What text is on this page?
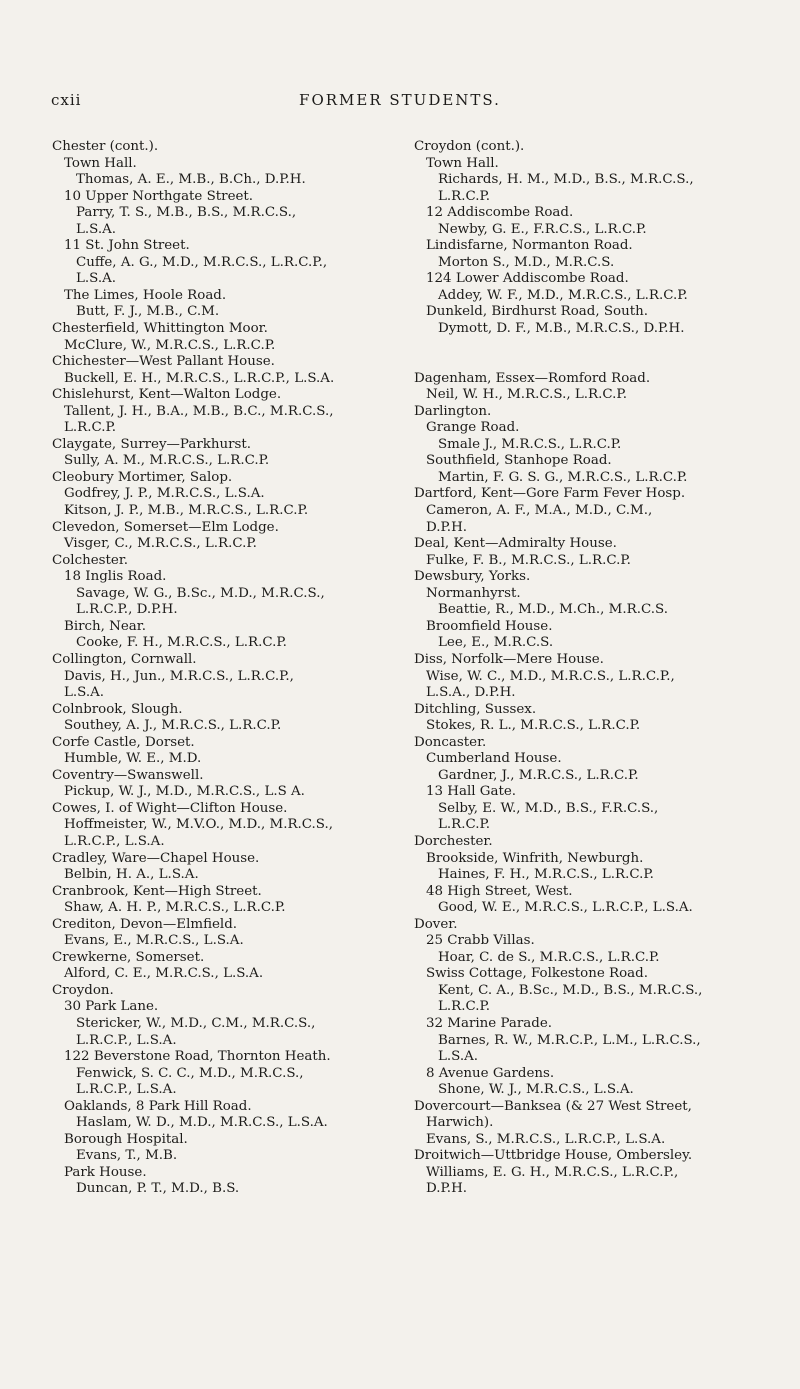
cxii	FORMER STUDENTS.
Chester (cont.).
Town Hall.
Thomas, A. E., M.B., B.Ch., D.P.H.
10 Upper Northgate Street.
Parry, T. S., M.B., B.S., M.R.C.S.,
L.S.A.
11 St. John Street.
Cuffe, A. G., M.D., M.R.C.S., L.R.C.P.,
L.S.A.
The Limes, Hoole Road.
Butt, F. J., M.B., C.M.
Chesterfield, Whittington Moor.
McClure, W., M.R.C.S., L.R.C.P.
Chichester—West Pallant House.
Buckell, E. H., M.R.C.S., L.R.C.P., L.S.A.
Chislehurst, Kent—Walton Lodge.
Tallent, J. H., B.A., M.B., B.C., M.R.C.S.,
L.R.C.P.
Claygate, Surrey—Parkhurst.
Sully, A. M., M.R.C.S., L.R.C.P.
Cleobury Mortimer, Salop.
Godfrey, J. P., M.R.C.S., L.S.A.
Kitson, J. P., M.B., M.R.C.S., L.R.C.P.
Clevedon, Somerset—Elm Lodge.
Visger, C., M.R.C.S., L.R.C.P.
Colchester.
18 Inglis Road.
Savage, W. G., B.Sc., M.D., M.R.C.S.,
L.R.C.P., D.P.H.
Birch, Near.
Cooke, F. H., M.R.C.S., L.R.C.P.
Collington, Cornwall.
Davis, H., Jun., M.R.C.S., L.R.C.P.,
L.S.A.
Colnbrook, Slough.
Southey, A. J., M.R.C.S., L.R.C.P.
Corfe Castle, Dorset.
Humble, W. E., M.D.
Coventry—Swanswell.
Pickup, W. J., M.D., M.R.C.S., L.S A.
Cowes, I. of Wight—Clifton House.
Hoffmeister, W., M.V.O., M.D., M.R.C.S.,
L.R.C.P., L.S.A.
Cradley, Ware—Chapel House.
Belbin, H. A., L.S.A.
Cranbrook, Kent—High Street.
Shaw, A. H. P., M.R.C.S., L.R.C.P.
Crediton, Devon—Elmfield.
Evans, E., M.R.C.S., L.S.A.
Crewkerne, Somerset.
Alford, C. E., M.R.C.S., L.S.A.
Croydon.
30 Park Lane.
Stericker, W., M.D., C.M., M.R.C.S.,
L.R.C.P., L.S.A.
122 Beverstone Road, Thornton Heath.
Fenwick, S. C. C., M.D., M.R.C.S.,
L.R.C.P., L.S.A.
Oaklands, 8 Park Hill Road.
Haslam, W. D., M.D., M.R.C.S., L.S.A.
Borough Hospital.
Evans, T., M.B.
Park House.
Duncan, P. T., M.D., B.S.
Croydon (cont.).
Town Hall.
Richards, H. M., M.D., B.S., M.R.C.S.,
L.R.C.P.
12 Addiscombe Road.
Newby, G. E., F.R.C.S., L.R.C.P.
Lindisfarne, Normanton Road.
Morton S., M.D., M.R.C.S.
124 Lower Addiscombe Road.
Addey, W. F., M.D., M.R.C.S., L.R.C.P.
Dunkeld, Birdhurst Road, South.
Dymott, D. F., M.B., M.R.C.S., D.P.H.
Dagenham, Essex—Romford Road.
Neil, W. H., M.R.C.S., L.R.C.P.
Darlington.
Grange Road.
Smale J., M.R.C.S., L.R.C.P.
Southfield, Stanhope Road.
Martin, F. G. S. G., M.R.C.S., L.R.C.P.
Dartford, Kent—Gore Farm Fever Hosp.
Cameron, A. F., M.A., M.D., C.M.,
D.P.H.
Deal, Kent—Admiralty House.
Fulke, F. B., M.R.C.S., L.R.C.P.
Dewsbury, Yorks.
Normanhyrst.
Beattie, R., M.D., M.Ch., M.R.C.S.
Broomfield House.
Lee, E., M.R.C.S.
Diss, Norfolk—Mere House.
Wise, W. C., M.D., M.R.C.S., L.R.C.P.,
L.S.A., D.P.H.
Ditchling, Sussex.
Stokes, R. L., M.R.C.S., L.R.C.P.
Doncaster.
Cumberland House.
Gardner, J., M.R.C.S., L.R.C.P.
13 Hall Gate.
Selby, E. W., M.D., B.S., F.R.C.S.,
L.R.C.P.
Dorchester.
Brookside, Winfrith, Newburgh.
Haines, F. H., M.R.C.S., L.R.C.P.
48 High Street, West.
Good, W. E., M.R.C.S., L.R.C.P., L.S.A.
Dover.
25 Crabb Villas.
Hoar, C. de S., M.R.C.S., L.R.C.P.
Swiss Cottage, Folkestone Road.
Kent, C. A., B.Sc., M.D., B.S., M.R.C.S.,
L.R.C.P.
32 Marine Parade.
Barnes, R. W., M.R.C.P., L.M., L.R.C.S.,
L.S.A.
8 Avenue Gardens.
Shone, W. J., M.R.C.S., L.S.A.
Dovercourt—Banksea (& 27 West Street,
Harwich).
Evans, S., M.R.C.S., L.R.C.P., L.S.A.
Droitwich—Uttbridge House, Ombersley.
Williams, E. G. H., M.R.C.S., L.R.C.P.,
D.P.H.
